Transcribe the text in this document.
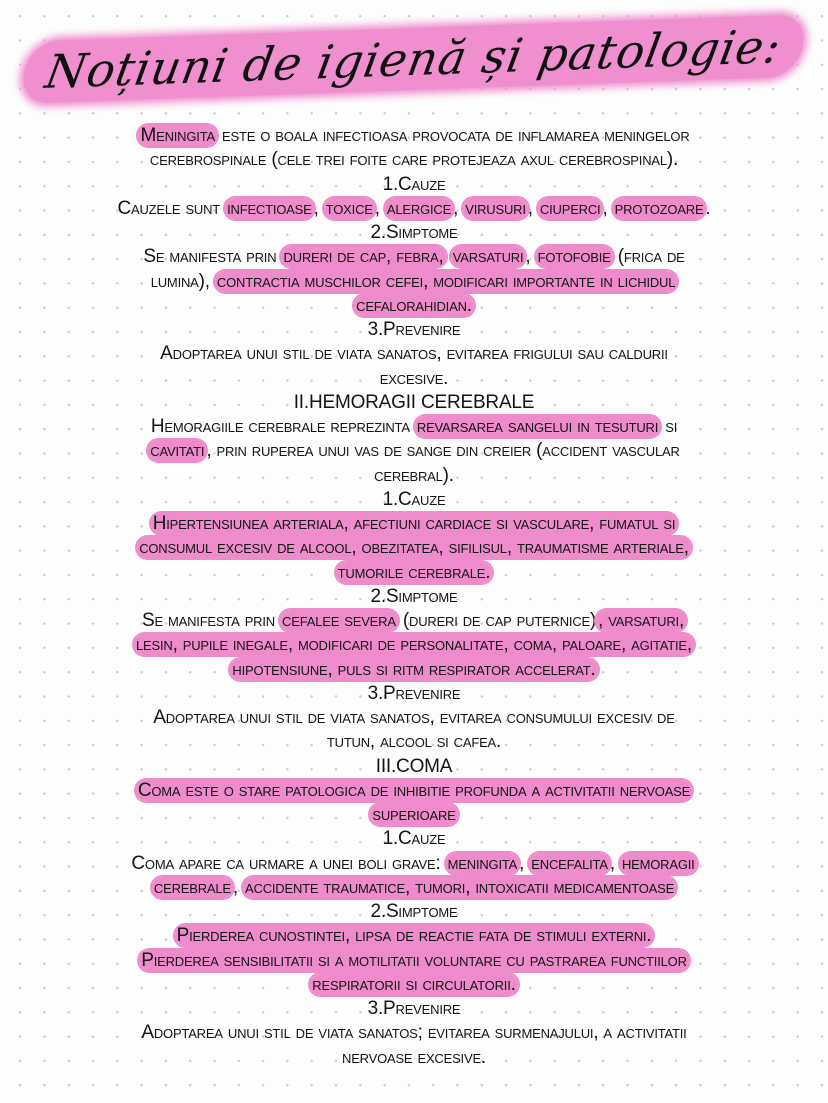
Noțiuni de igienă și patologie:
Meningita este o boala infectioasa provocata de inflamarea meningelor
cerebrospinale (cele trei foite care protejeaza axul cerebrospinal).
1.Cauze
Cauzele sunt infectioase , toxice , alergice , virusuri , ciuperci , protozoare .
2.Simptome
Se manifesta prin dureri de cap, febra, varsaturi , fotofobie (frica de
lumina), contractia muschilor cefei, modificari importante in lichidul
cefalorahidian.
3.Prevenire
Adoptarea unui stil de viata sanatos, evitarea frigului sau caldurii
excesive.
II.HEMORAGII CEREBRALE
Hemoragiile cerebrale reprezinta revarsarea sangelui in tesuturi si
cavitati , prin ruperea unui vas de sange din creier (accident vascular
cerebral).
1.Cauze
Hipertensiunea arteriala, afectiuni cardiace si vasculare, fumatul si
consumul excesiv de alcool, obezitatea, sifilisul, traumatisme arteriale,
tumorile cerebrale.
2.Simptome
Se manifesta prin cefalee severa (dureri de cap puternice) , varsaturi,
lesin, pupile inegale, modificari de personalitate, coma, paloare, agitatie,
hipotensiune, puls si ritm respirator accelerat.
3.Prevenire
Adoptarea unui stil de viata sanatos, evitarea consumului excesiv de
tutun, alcool si cafea.
III.COMA
Coma este o stare patologica de inhibitie profunda a activitatii nervoase
superioare
1.Cauze
Coma apare ca urmare a unei boli grave: meningita , encefalita , hemoragii
cerebrale , accidente traumatice, tumori, intoxicatii medicamentoase
2.Simptome
Pierderea cunostintei, lipsa de reactie fata de stimuli externi.
Pierderea sensibilitatii si a motilitatii voluntare cu pastrarea functiilor
respiratorii si circulatorii.
3.Prevenire
Adoptarea unui stil de viata sanatos; evitarea surmenajului, a activitatii
nervoase excesive.
